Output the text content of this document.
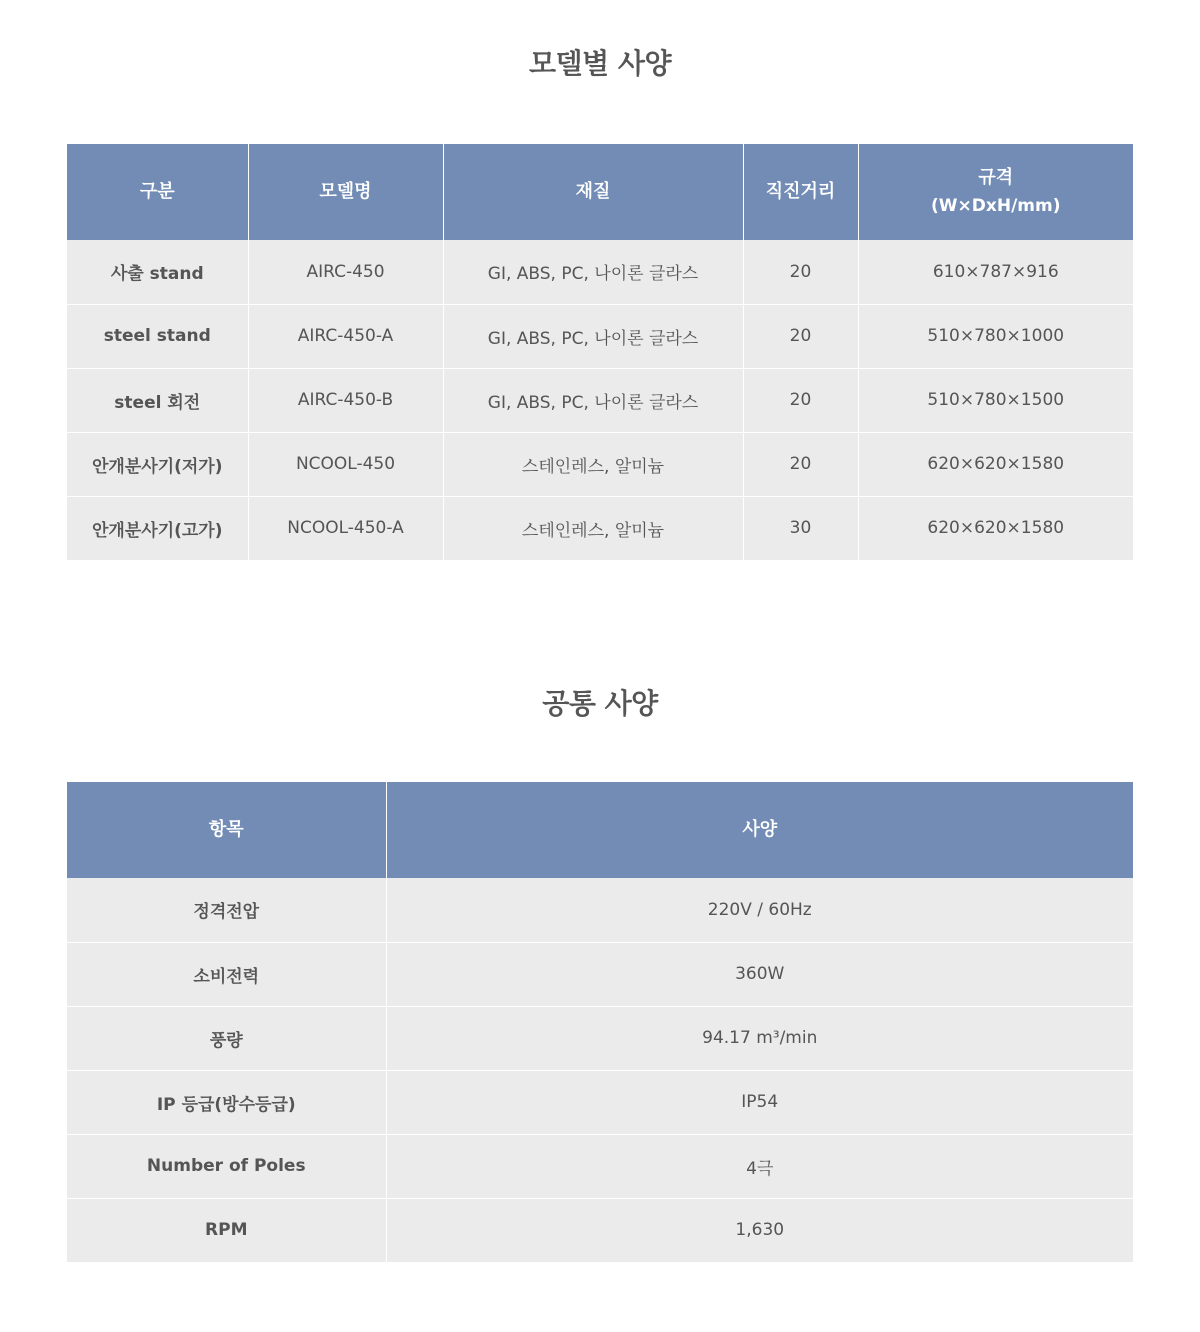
모델별 사양
구분	모델명	재질	직진거리	규격
(W×DxH/mm)

사출 stand	AIRC-450	GI, ABS, PC, 나이론 글라스	20	610×787×916
steel stand	AIRC-450-A	GI, ABS, PC, 나이론 글라스	20	510×780×1000
steel 회전	AIRC-450-B	GI, ABS, PC, 나이론 글라스	20	510×780×1500
안개분사기(저가)	NCOOL-450	스테인레스, 알미늄	20	620×620×1580
안개분사기(고가)	NCOOL-450-A	스테인레스, 알미늄	30	620×620×1580
공통 사양
항목	사양
정격전압	220V / 60Hz
소비전력	360W
풍량	94.17 m³/min
IP 등급(방수등급)	IP54
Number of Poles	4극
RPM	1,630
